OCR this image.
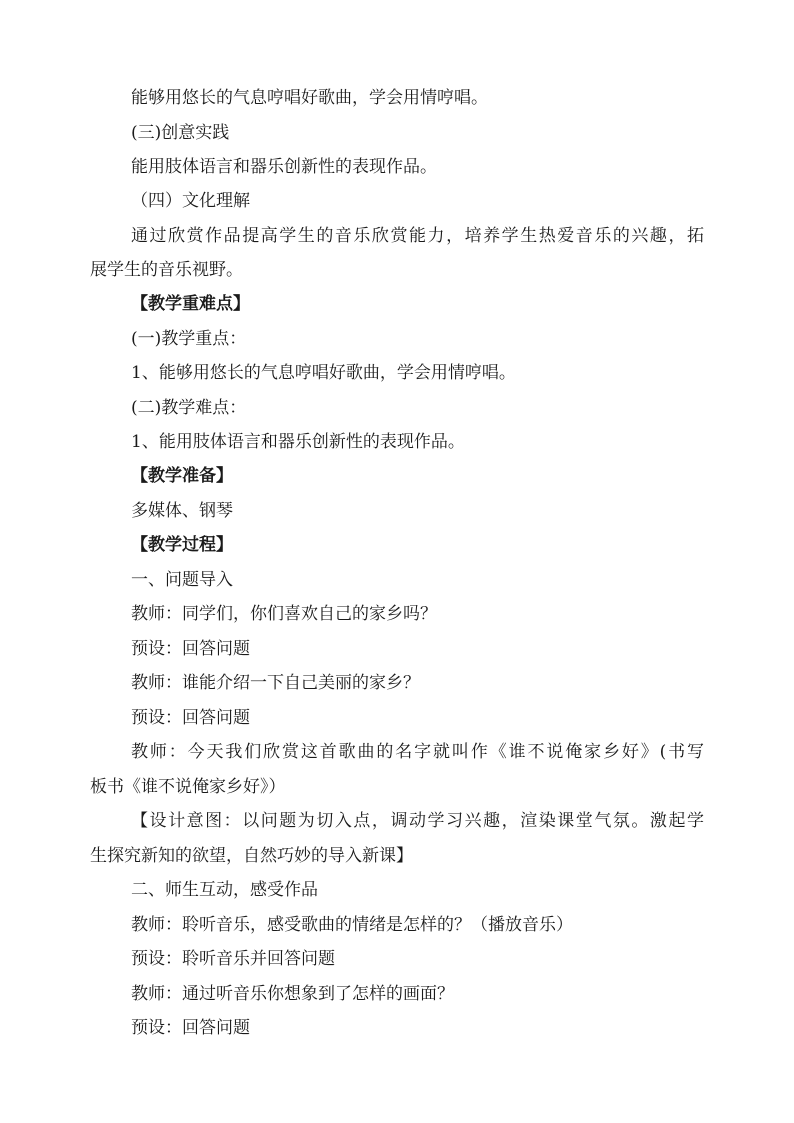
能够用悠长的气息哼唱好歌曲，学会用情哼唱。
(三)创意实践
能用肢体语言和器乐创新性的表现作品。
（四）文化理解
通过欣赏作品提高学生的音乐欣赏能力，培养学生热爱音乐的兴趣，拓
展学生的音乐视野。
【教学重难点】
(一)教学重点：
1、能够用悠长的气息哼唱好歌曲，学会用情哼唱。
(二)教学难点：
1、能用肢体语言和器乐创新性的表现作品。
【教学准备】
多媒体、钢琴
【教学过程】
一、问题导入
教师：同学们，你们喜欢自己的家乡吗？
预设：回答问题
教师：谁能介绍一下自己美丽的家乡？
预设：回答问题
教师：今天我们欣赏这首歌曲的名字就叫作《谁不说俺家乡好》(书写
板书《谁不说俺家乡好》）
【设计意图：以问题为切入点，调动学习兴趣，渲染课堂气氛。激起学
生探究新知的欲望，自然巧妙的导入新课】
二、师生互动，感受作品
教师：聆听音乐，感受歌曲的情绪是怎样的？（播放音乐）
预设：聆听音乐并回答问题
教师：通过听音乐你想象到了怎样的画面？
预设：回答问题
